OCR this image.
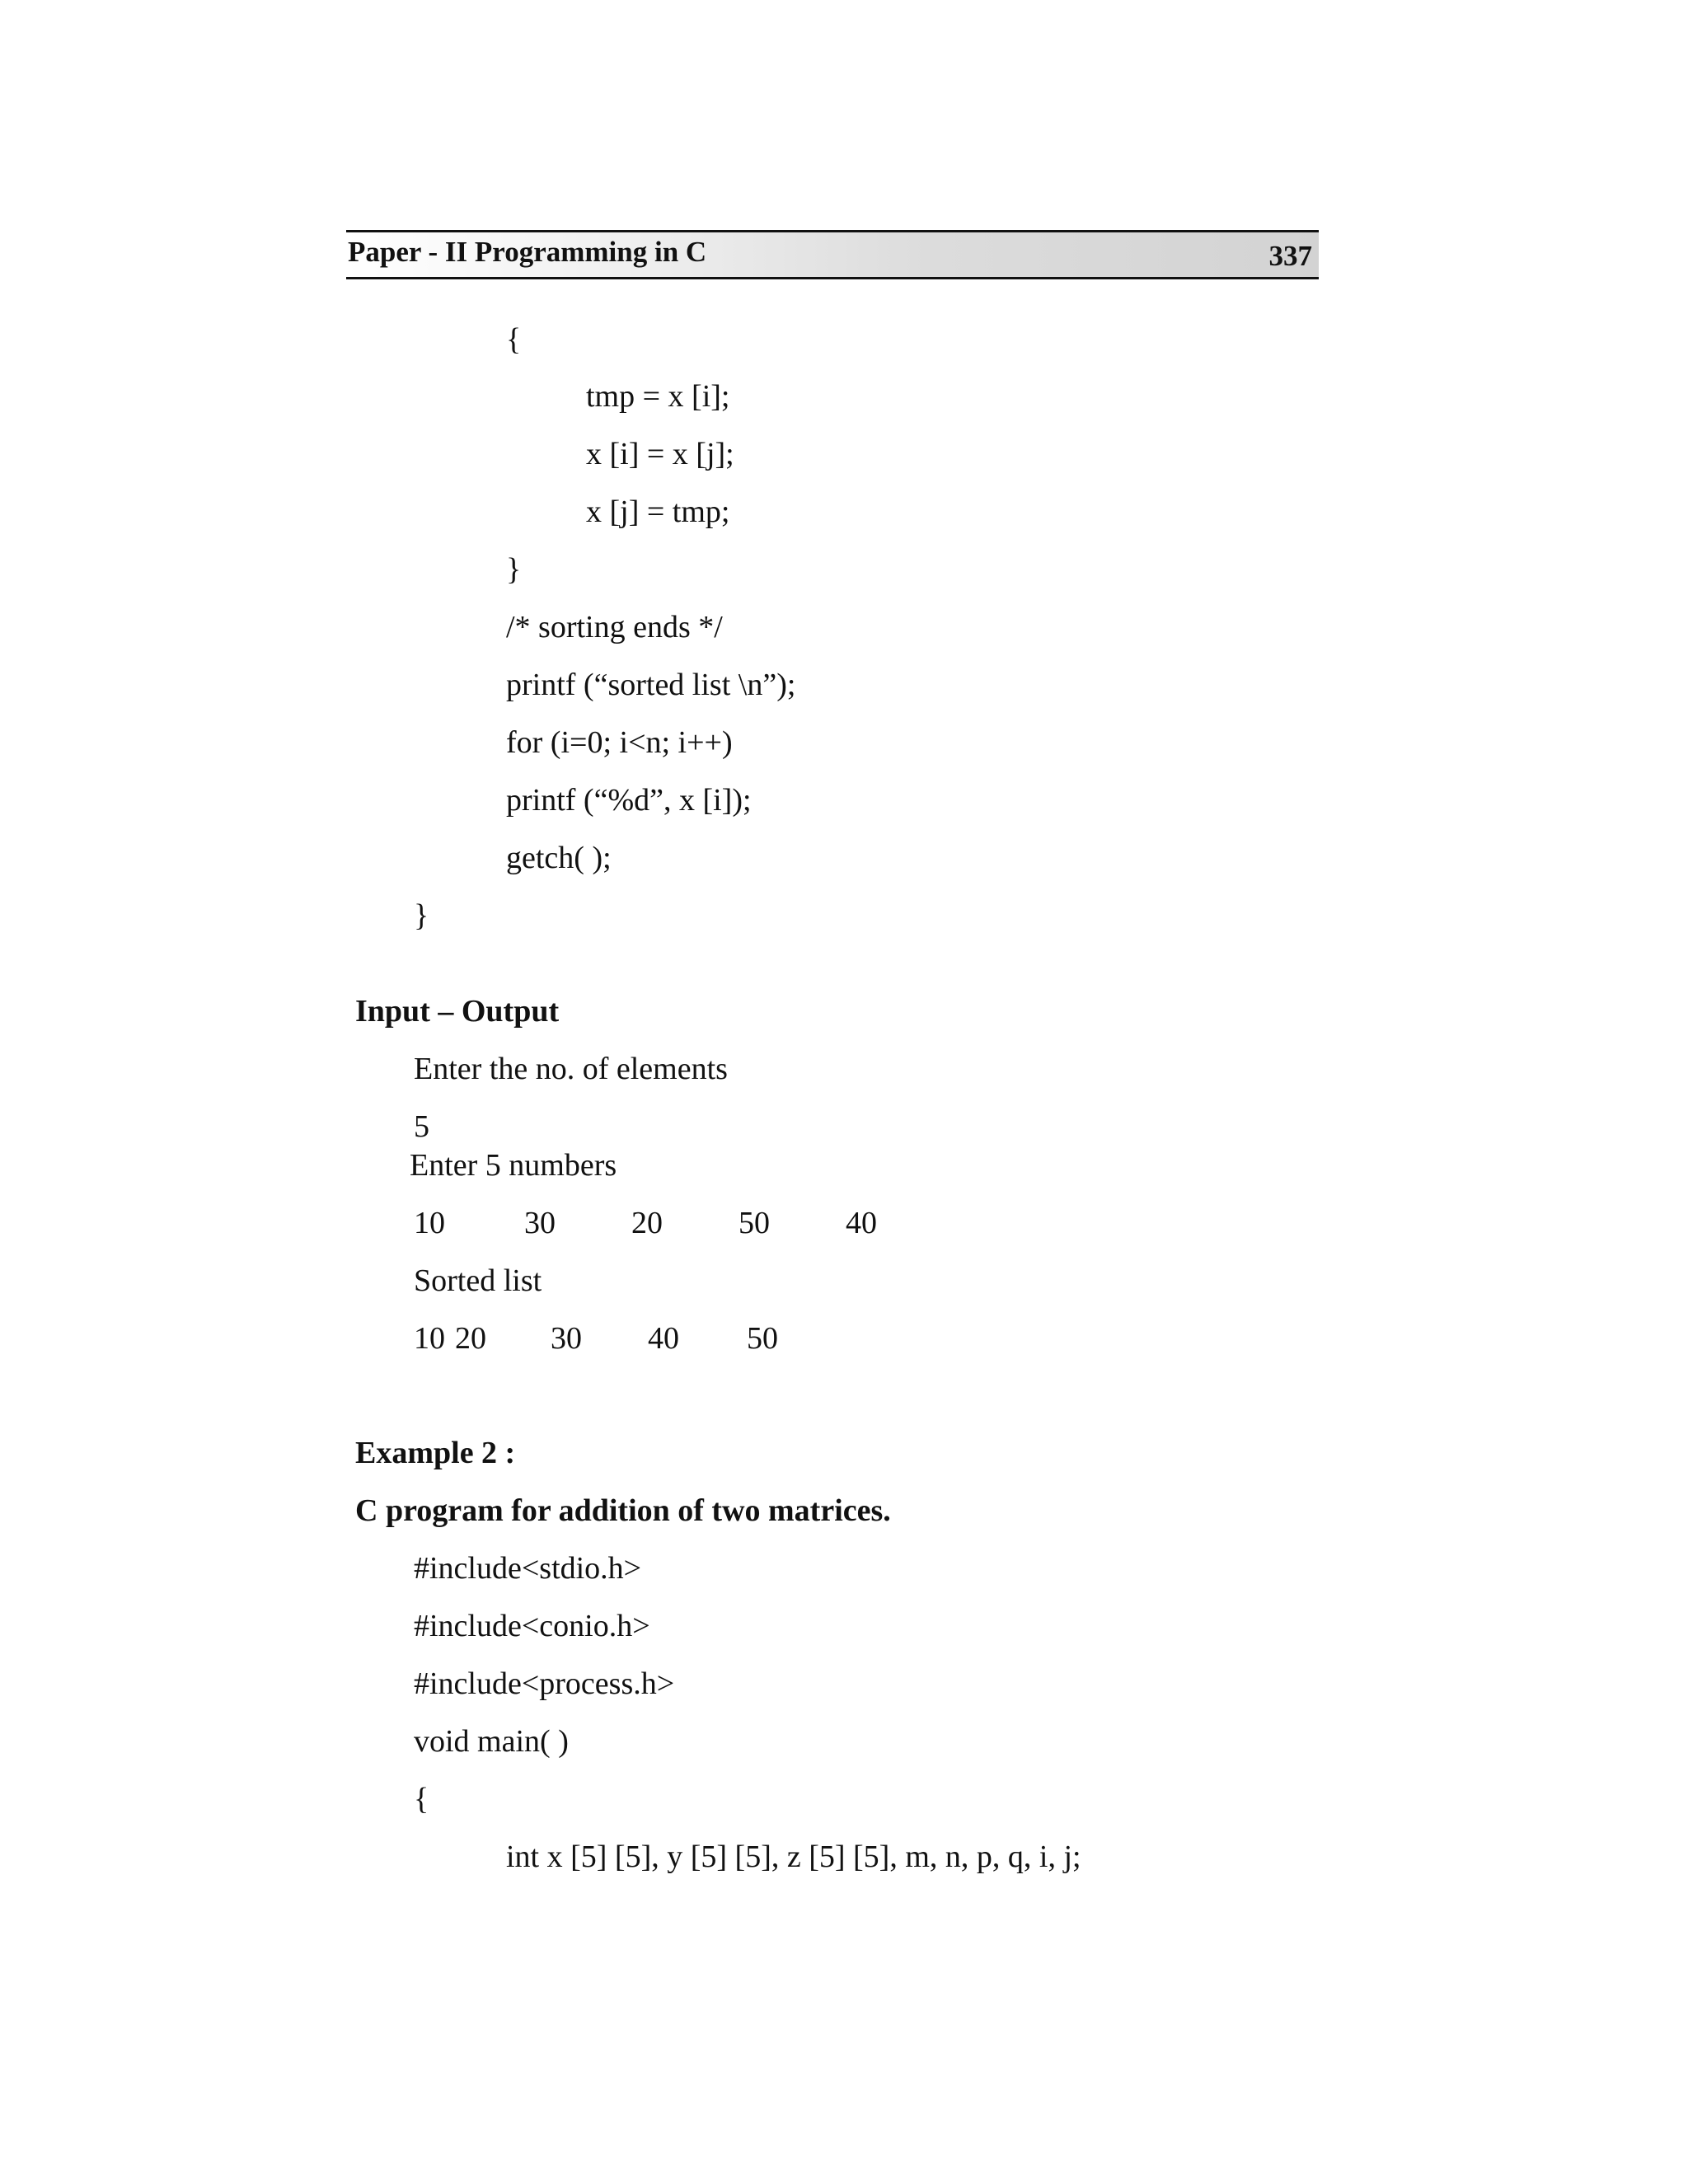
Paper - II Programming in C	337
{
tmp = x [i];
x [i] = x [j];
x [j] = tmp;
}
/* sorting ends */
printf (“sorted list \n”);
for (i=0; i<n; i++)
printf (“%d”, x [i]);
getch( );
}
Input – Output
Enter the no. of elements
5
Enter 5 numbers
10	30 20 50 40
Sorted list
10 20 30 40 50
Example 2 :
C program for addition of two matrices.
#include<stdio.h>
#include<conio.h>
#include<process.h>
void main( )
{
int x [5] [5], y [5] [5], z [5] [5], m, n, p, q, i, j;
